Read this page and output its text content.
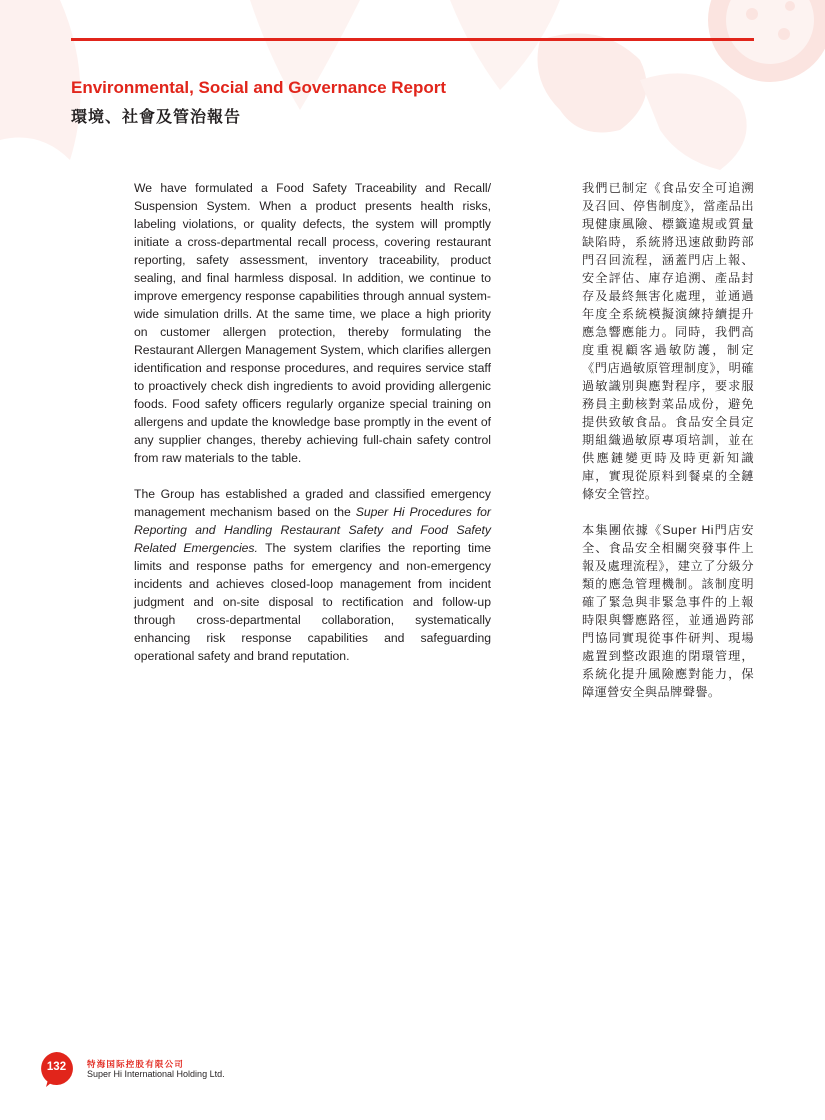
Environmental, Social and Governance Report
環境、社會及管治報告

We have formulated a Food Safety Traceability and Recall/ Suspension System. When a product presents health risks, labeling violations, or quality defects, the system will promptly initiate a cross-departmental recall process, covering restaurant reporting, safety assessment, inventory traceability, product sealing, and final harmless disposal. In addition, we continue to improve emergency response capabilities through annual system-wide simulation drills. At the same time, we place a high priority on customer allergen protection, thereby formulating the Restaurant Allergen Management System, which clarifies allergen identification and response procedures, and requires service staff to proactively check dish ingredients to avoid providing allergenic foods. Food safety officers regularly organize special training on allergens and update the knowledge base promptly in the event of any supplier changes, thereby achieving full-chain safety control from raw materials to the table.

The Group has established a graded and classified emergency management mechanism based on the Super Hi Procedures for Reporting and Handling Restaurant Safety and Food Safety Related Emergencies. The system clarifies the reporting time limits and response paths for emergency and non-emergency incidents and achieves closed-loop management from incident judgment and on-site disposal to rectification and follow-up through cross-departmental collaboration, systematically enhancing risk response capabilities and safeguarding operational safety and brand reputation.

我們已制定《食品安全可追溯及召回、停售制度》，當產品出現健康風險、標籤違規或質量缺陷時，系統將迅速啟動跨部門召回流程，涵蓋門店上報、安全評估、庫存追溯、產品封存及最終無害化處理，並通過年度全系統模擬演練持續提升應急響應能力。同時，我們高度重視顧客過敏防護，制定《門店過敏原管理制度》，明確過敏識別與應對程序，要求服務員主動核對菜品成份，避免提供致敏食品。食品安全員定期組織過敏原專項培訓，並在供應鏈變更時及時更新知識庫，實現從原料到餐桌的全鏈條安全管控。

本集團依據《Super Hi門店安全、食品安全相關突發事件上報及處理流程》，建立了分級分類的應急管理機制。該制度明確了緊急與非緊急事件的上報時限與響應路徑，並通過跨部門協同實現從事件研判、現場處置到整改跟進的閉環管理，系統化提升風險應對能力，保障運營安全與品牌聲譽。

132	特海国际控股有限公司
Super Hi International Holding Ltd.
